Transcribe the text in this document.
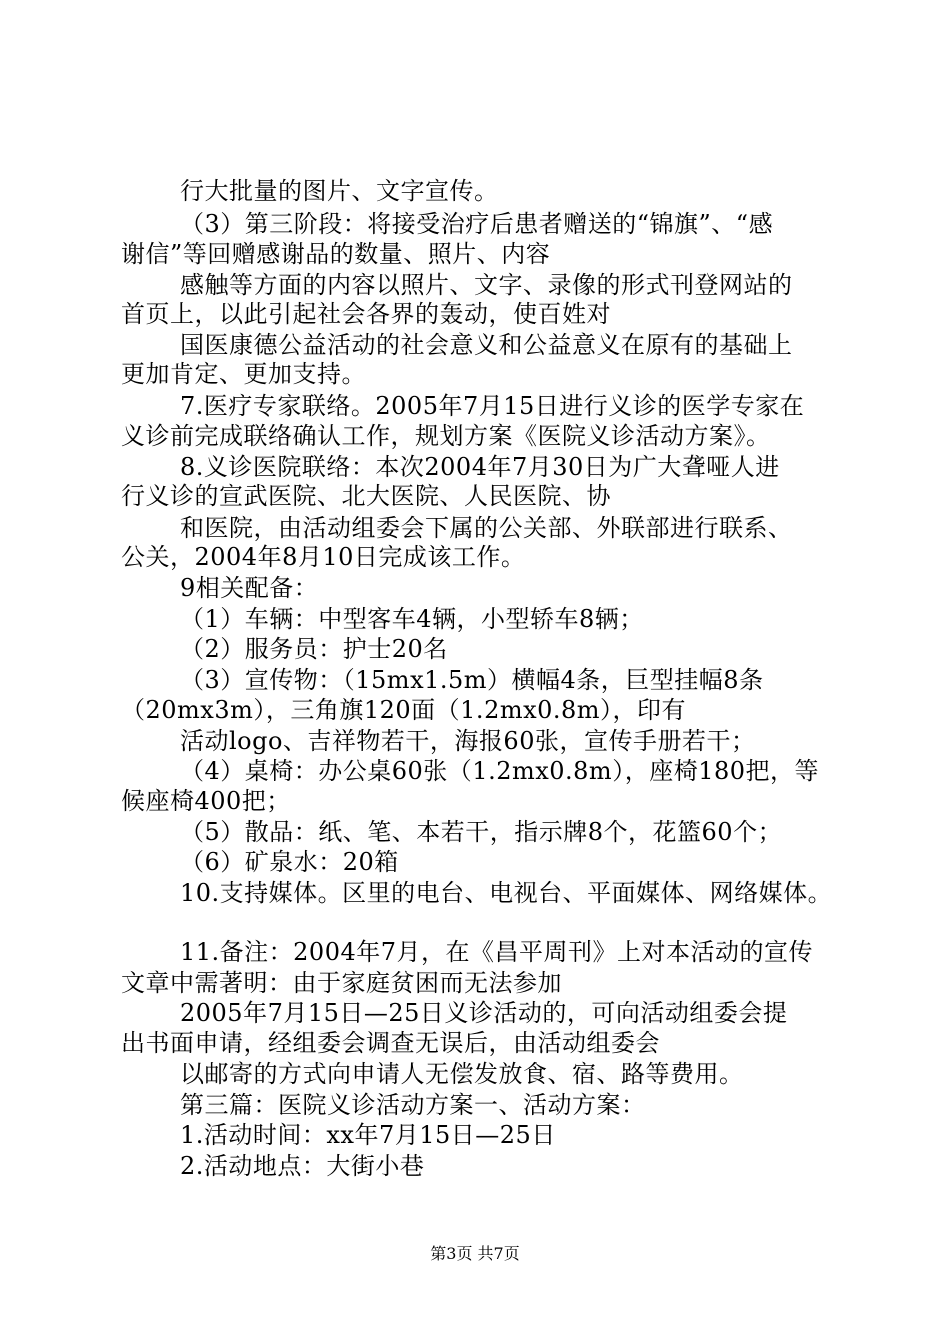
行大批量的图片、文字宣传。
（3）第三阶段：将接受治疗后患者赠送的“锦旗”、“感
谢信”等回赠感谢品的数量、照片、内容
感触等方面的内容以照片、文字、录像的形式刊登网站的
首页上，以此引起社会各界的轰动，使百姓对
国医康德公益活动的社会意义和公益意义在原有的基础上
更加肯定、更加支持。
7.医疗专家联络。2005年7月15日进行义诊的医学专家在
义诊前完成联络确认工作，规划方案《医院义诊活动方案》。
8.义诊医院联络：本次2004年7月30日为广大聋哑人进
行义诊的宣武医院、北大医院、人民医院、协
和医院，由活动组委会下属的公关部、外联部进行联系、
公关，2004年8月10日完成该工作。
9相关配备：
（1）车辆：中型客车4辆，小型轿车8辆；
（2）服务员：护士20名
（3）宣传物：（15mx1.5m）横幅4条，巨型挂幅8条
（20mx3m），三角旗120面（1.2mx0.8m），印有
活动logo、吉祥物若干，海报60张，宣传手册若干；
（4）桌椅：办公桌60张（1.2mx0.8m），座椅180把，等
候座椅400把；
（5）散品：纸、笔、本若干，指示牌8个，花篮60个；
（6）矿泉水：20箱
10.支持媒体。区里的电台、电视台、平面媒体、网络媒体。
11.备注：2004年7月，在《昌平周刊》上对本活动的宣传
文章中需著明：由于家庭贫困而无法参加
2005年7月15日—25日义诊活动的，可向活动组委会提
出书面申请，经组委会调查无误后，由活动组委会
以邮寄的方式向申请人无偿发放食、宿、路等费用。
第三篇：医院义诊活动方案一、活动方案：
1.活动时间：xx年7月15日—25日
2.活动地点：大街小巷
第3页 共7页
